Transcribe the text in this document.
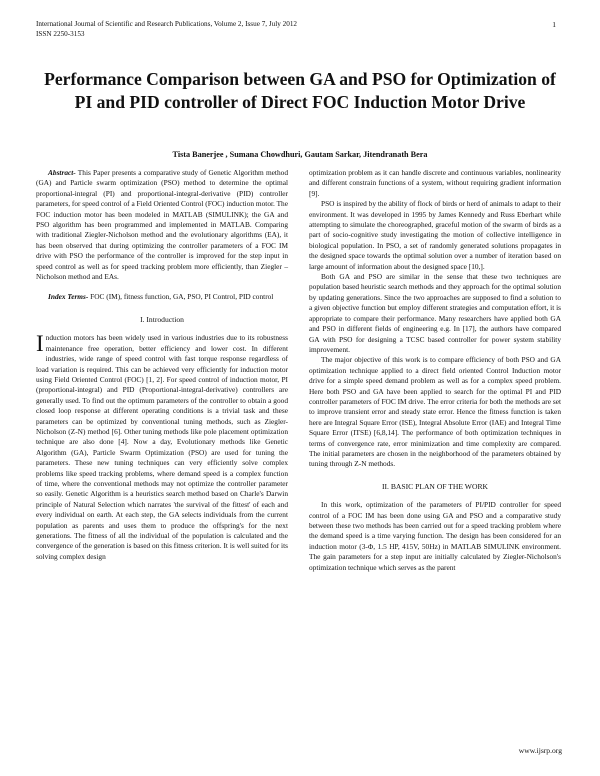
International Journal of Scientific and Research Publications, Volume 2, Issue 7, July 2012
ISSN 2250-3153
1
Performance Comparison between GA and PSO for Optimization of PI and PID controller of Direct FOC Induction Motor Drive
Tista Banerjee , Sumana Chowdhuri, Gautam Sarkar, Jitendranath Bera

Abstract- This Paper presents a comparative study of Genetic Algorithm method (GA) and Particle swarm optimization (PSO) method to determine the optimal proportional-integral (PI) and proportional-integral-derivative (PID) controller parameters, for speed control of a Field Oriented Control (FOC) induction motor. The FOC induction motor has been modeled in MATLAB (SIMULINK); the GA and PSO algorithm has been programmed and implemented in MATLAB. Comparing with traditional Ziegler-Nicholson method and the evolutionary algorithms (EA), it has been observed that during optimizing the controller parameters of a FOC IM drive with PSO the performance of the controller is improved for the step input in speed control as well as for speed tracking problem more efficiently, than Ziegler – Nicholson method and EAs.

Index Terms- FOC (IM), fitness function, GA, PSO, PI Control, PID control

I. Introduction

Induction motors has been widely used in various industries due to its robustness maintenance free operation, better efficiency and lower cost. In different industries, wide range of speed control with fast torque response regardless of load variation is required. This can be achieved very efficiently for induction motor using Field Oriented Control (FOC) [1, 2]. For speed control of induction motor, PI (proportional-integral) and PID (Proportional-integral-derivative) controllers are generally used. To find out the optimum parameters of the controller to obtain a good closed loop response at different operating conditions is a trivial task and these parameters can be optimized by conventional tuning methods, such as Ziegler-Nicholson (Z-N) method [6]. Other tuning methods like pole placement optimization technique are also done [4]. Now a day, Evolutionary methods like Genetic Algorithm (GA), Particle Swarm Optimization (PSO) are used for tuning the parameters. These new tuning techniques can very efficiently solve complex problems like speed tracking problems, where demand speed is a complex function of time, where the conventional methods may not optimize the controller parameter so easily. Genetic Algorithm is a heuristics search method based on Charle's Darwin principle of Natural Selection which narrates 'the survival of the fittest' of each and every individual on earth. At each step, the GA selects individuals from the current population as parents and uses them to produce the offspring's for the next generations. The fitness of all the individual of the population is calculated and the convergence of the generation is based on this fitness criterion. It is well suited for its solving complex design

optimization problem as it can handle discrete and continuous variables, nonlinearity and different constrain functions of a system, without requiring gradient information [9].

PSO is inspired by the ability of flock of birds or herd of animals to adapt to their environment. It was developed in 1995 by James Kennedy and Russ Eberhart while attempting to simulate the choreographed, graceful motion of the swarm of birds as a part of socio-cognitive study investigating the motion of collective intelligence in biological population. In PSO, a set of randomly generated solutions propagates in the designed space towards the optimal solution over a number of iteration based on large amount of information about the designed space [10,].

Both GA and PSO are similar in the sense that these two techniques are population based heuristic search methods and they approach for the optimal solution by updating generations. Since the two approaches are supposed to find a solution to a given objective function but employ different strategies and computation effort, it is appropriate to compare their performance. Many researchers have applied both GA and PSO in different fields of engineering e.g. In [17], the authors have compared GA with PSO for designing a TCSC based controller for power system stability improvement.

The major objective of this work is to compare efficiency of both PSO and GA optimization technique applied to a direct field oriented Control Induction motor drive for a simple speed demand problem as well as for a complex speed problem. Here both PSO and GA have been applied to search for the optimal PI and PID controller parameters of FOC IM drive. The error criteria for both the methods are set to improve transient error and steady state error. Hence the fitness function is taken here are Integral Square Error (ISE), Integral Absolute Error (IAE) and Integral Time Square Error (ITSE) [6,8,14]. The performance of both optimization techniques in terms of convergence rate, error minimization and time complexity are compared. The initial parameters are chosen in the neighborhood of the parameters obtained by tuning through Z-N methods.

II. BASIC PLAN OF THE WORK

In this work, optimization of the parameters of PI/PID controller for speed control of a FOC IM has been done using GA and PSO and a comparative study between these two methods has been carried out for a speed tracking problem where the demand speed is a time varying function. The design has been considered for an induction motor (3-Φ, 1.5 HP, 415V, 50Hz) in MATLAB SIMULINK environment. The gain parameters for a step input are initially calculated by Ziegler-Nicholson's optimization technique which serves as the parent

www.ijsrp.org
